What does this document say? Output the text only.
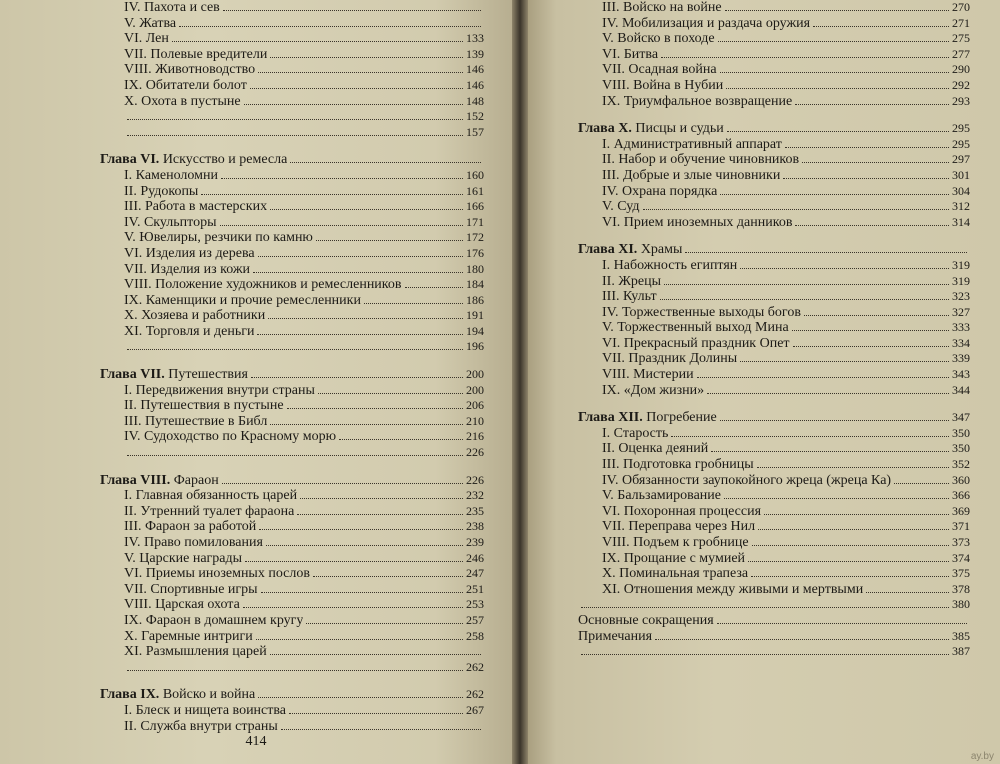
IV. Пахота и сев
V. Жатва
VI. Лен	133
VII. Полевые вредители	139
VIII. Животноводство	146
IX. Обитатели болот	146
X. Охота в пустыне	148
152
157
Глава VI. Искусство и ремесла
I. Каменоломни	160
II. Рудокопы	161
III. Работа в мастерских	166
IV. Скульпторы	171
V. Ювелиры, резчики по камню	172
VI. Изделия из дерева	176
VII. Изделия из кожи	180
VIII. Положение художников и ремесленников	184
IX. Каменщики и прочие ремесленники	186
X. Хозяева и работники	191
XI. Торговля и деньги	194
196
Глава VII. Путешествия	200
I. Передвижения внутри страны	200
II. Путешествия в пустыне	206
III. Путешествие в Библ	210
IV. Судоходство по Красному морю	216
226
Глава VIII. Фараон	226
I. Главная обязанность царей	232
II. Утренний туалет фараона	235
III. Фараон за работой	238
IV. Право помилования	239
V. Царские награды	246
VI. Приемы иноземных послов	247
VII. Спортивные игры	251
VIII. Царская охота	253
IX. Фараон в домашнем кругу	257
X. Гаремные интриги	258
XI. Размышления царей
262
Глава IX. Войско и война	262
I. Блеск и нищета воинства	267
II. Служба внутри страны
414
III. Войско на войне	270
IV. Мобилизация и раздача оружия	271
V. Войско в походе	275
VI. Битва	277
VII. Осадная война	290
VIII. Война в Нубии	292
IX. Триумфальное возвращение	293
Глава X. Писцы и судьи	295
I. Административный аппарат	295
II. Набор и обучение чиновников	297
III. Добрые и злые чиновники	301
IV. Охрана порядка	304
V. Суд	312
VI. Прием иноземных данников	314
Глава XI. Храмы
I. Набожность египтян	319
II. Жрецы	319
III. Культ	323
IV. Торжественные выходы богов	327
V. Торжественный выход Мина	333
VI. Прекрасный праздник Опет	334
VII. Праздник Долины	339
VIII. Мистерии	343
IX. «Дом жизни»	344
Глава XII. Погребение	347
I. Старость	350
II. Оценка деяний	350
III. Подготовка гробницы	352
IV. Обязанности заупокойного жреца (жреца Ка)	360
V. Бальзамирование	366
VI. Похоронная процессия	369
VII. Переправа через Нил	371
VIII. Подъем к гробнице	373
IX. Прощание с мумией	374
X. Поминальная трапеза	375
XI. Отношения между живыми и мертвыми	378
380
Основные сокращения
Примечания	385
387
ay.by
